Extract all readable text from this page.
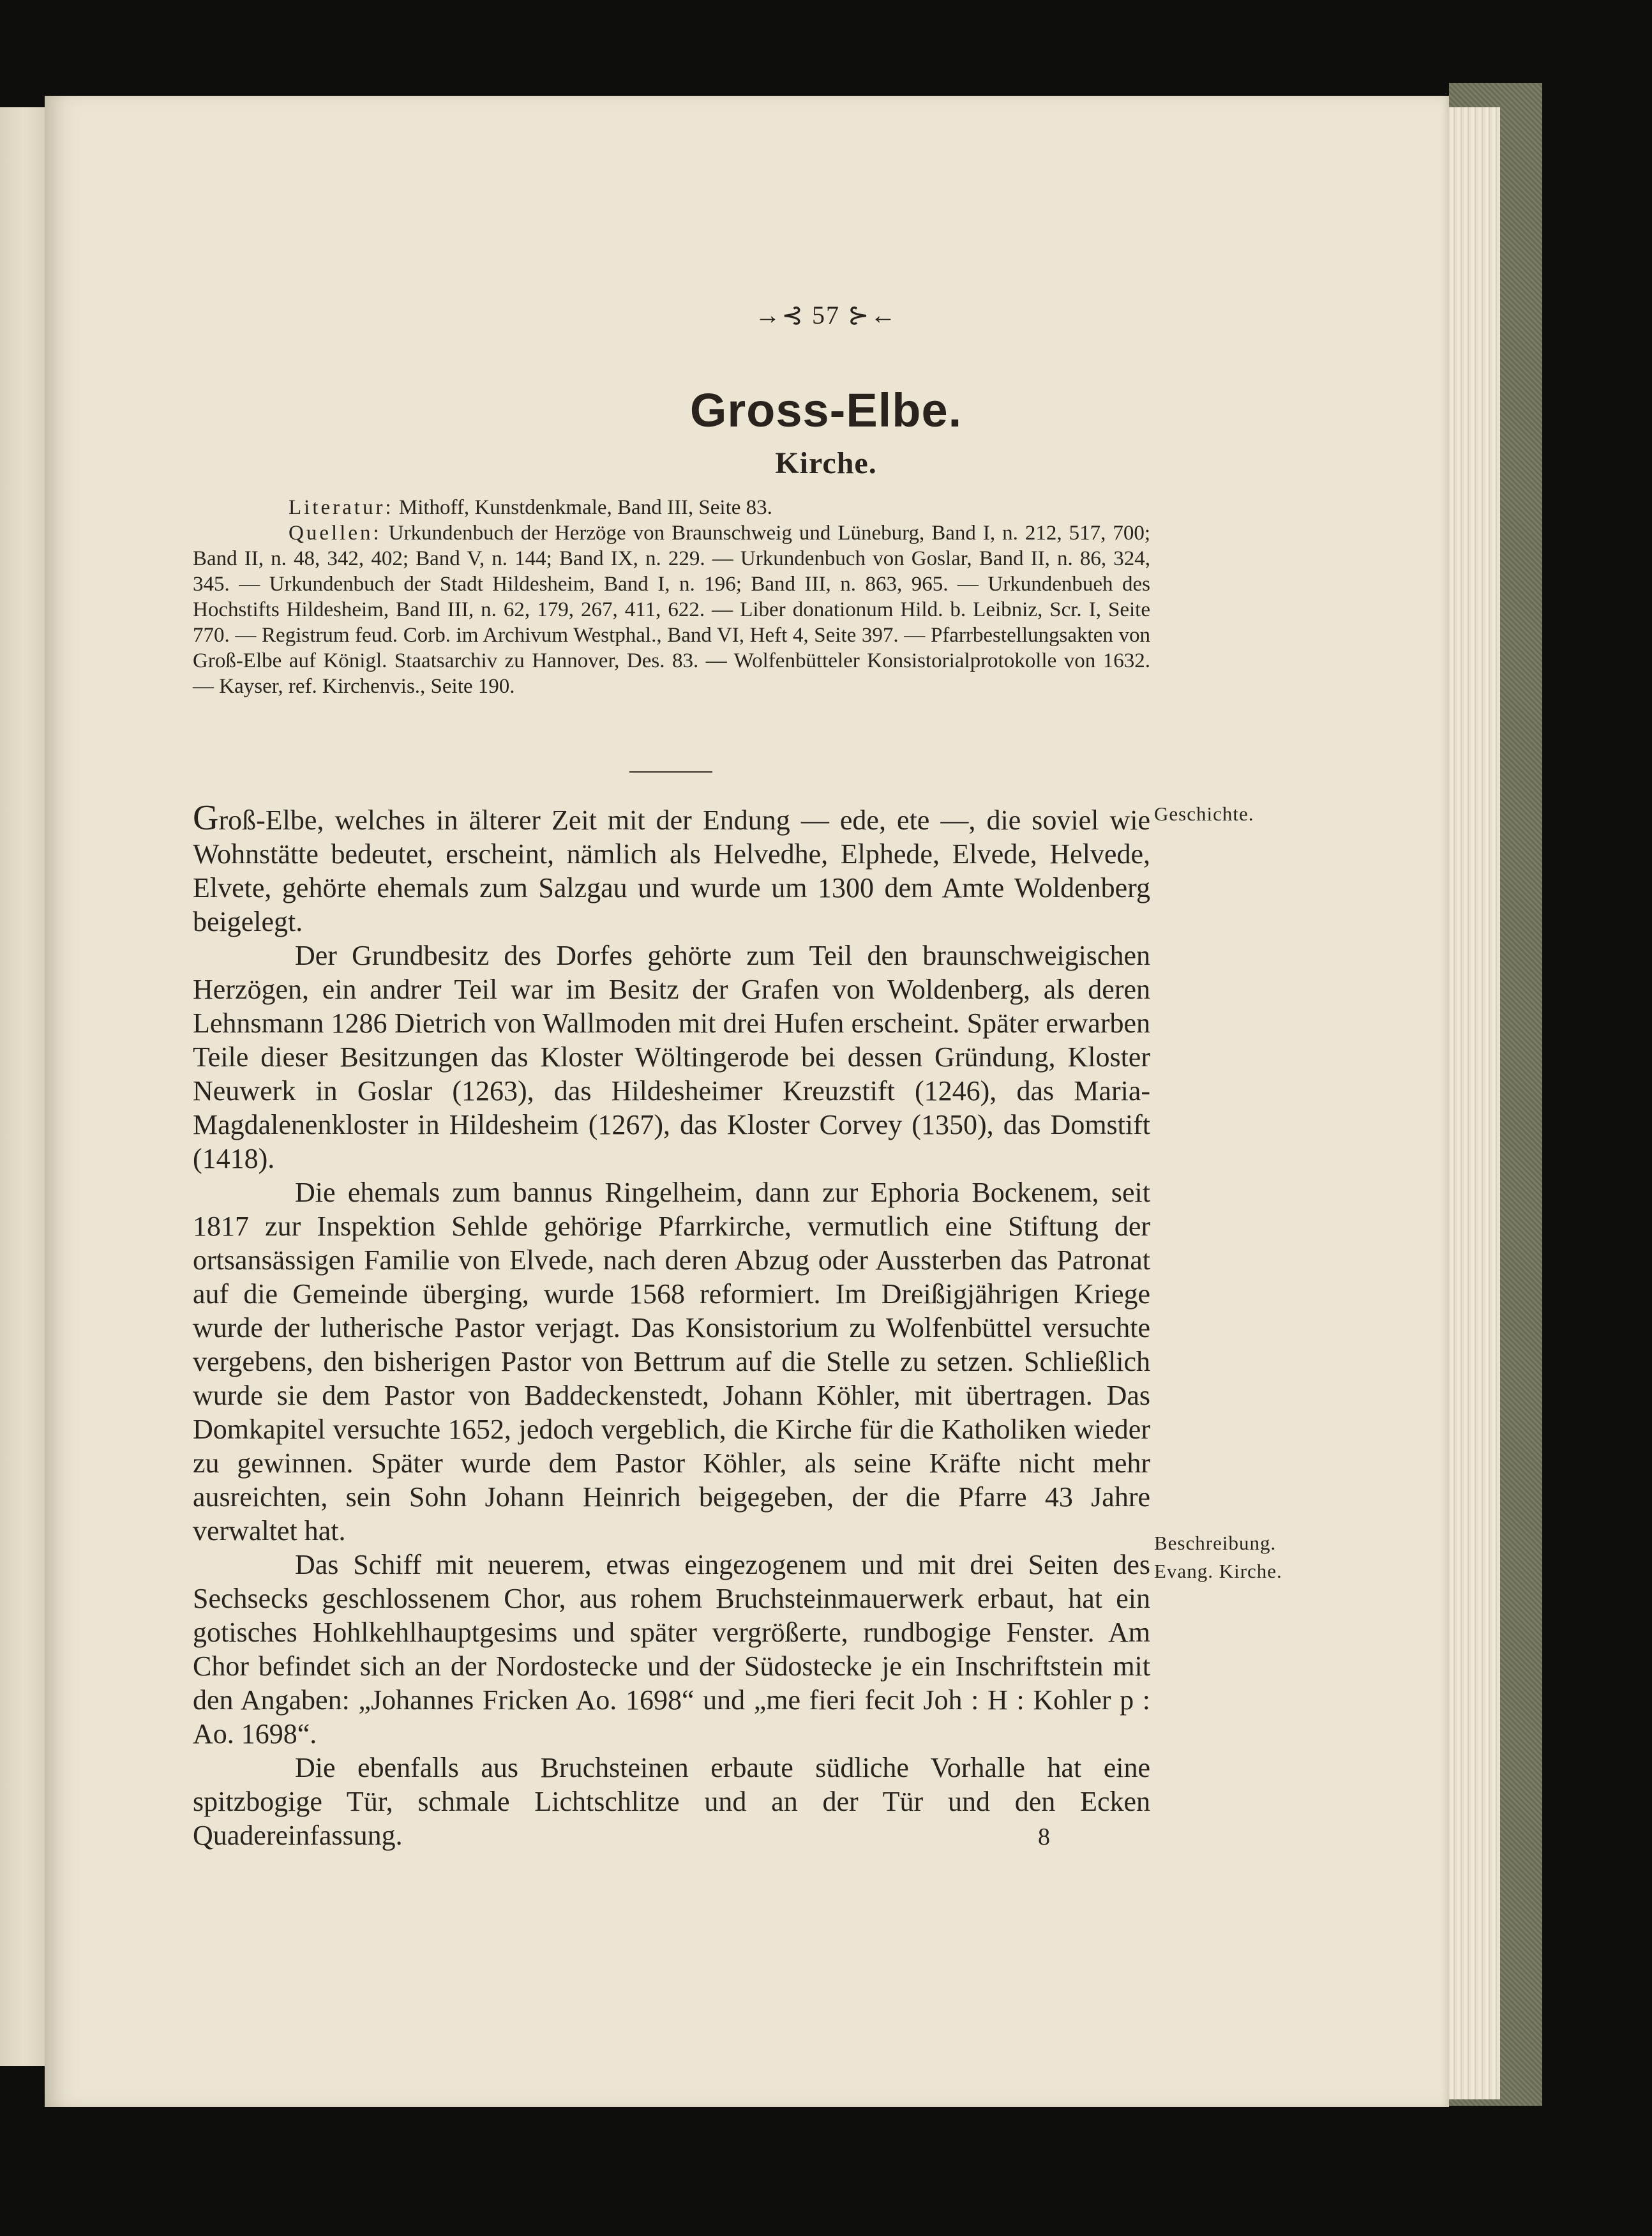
→⊰ 57 ⊱←
Gross-Elbe.
Kirche.

Literatur: Mithoff, Kunstdenkmale, Band III, Seite 83.

Quellen: Urkundenbuch der Herzöge von Braunschweig und Lüneburg, Band I, n. 212, 517, 700; Band II, n. 48, 342, 402; Band V, n. 144; Band IX, n. 229. — Urkundenbuch von Goslar, Band II, n. 86, 324, 345. — Urkundenbuch der Stadt Hildesheim, Band I, n. 196; Band III, n. 863, 965. — Urkundenbueh des Hochstifts Hildesheim, Band III, n. 62, 179, 267, 411, 622. — Liber donationum Hild. b. Leibniz, Scr. I, Seite 770. — Registrum feud. Corb. im Archivum Westphal., Band VI, Heft 4, Seite 397. — Pfarrbestellungsakten von Groß-Elbe auf Königl. Staatsarchiv zu Hannover, Des. 83. — Wolfenbütteler Konsistorialprotokolle von 1632. — Kayser, ref. Kirchenvis., Seite 190.

Groß-Elbe, welches in älterer Zeit mit der Endung — ede, ete —, die soviel wie Wohnstätte bedeutet, erscheint, nämlich als Helvedhe, Elphede, Elvede, Helvede, Elvete, gehörte ehemals zum Salzgau und wurde um 1300 dem Amte Woldenberg beigelegt.

Der Grundbesitz des Dorfes gehörte zum Teil den braunschweigischen Herzögen, ein andrer Teil war im Besitz der Grafen von Woldenberg, als deren Lehnsmann 1286 Dietrich von Wallmoden mit drei Hufen erscheint. Später erwarben Teile dieser Besitzungen das Kloster Wöltingerode bei dessen Gründung, Kloster Neuwerk in Goslar (1263), das Hildesheimer Kreuzstift (1246), das Maria-Magdalenenkloster in Hildesheim (1267), das Kloster Corvey (1350), das Domstift (1418).

Die ehemals zum bannus Ringelheim, dann zur Ephoria Bockenem, seit 1817 zur Inspektion Sehlde gehörige Pfarrkirche, vermutlich eine Stiftung der ortsansässigen Familie von Elvede, nach deren Abzug oder Aussterben das Patronat auf die Gemeinde überging, wurde 1568 reformiert. Im Dreißigjährigen Kriege wurde der lutherische Pastor verjagt. Das Konsistorium zu Wolfenbüttel versuchte vergebens, den bisherigen Pastor von Bettrum auf die Stelle zu setzen. Schließlich wurde sie dem Pastor von Baddeckenstedt, Johann Köhler, mit übertragen. Das Domkapitel versuchte 1652, jedoch vergeblich, die Kirche für die Katholiken wieder zu gewinnen. Später wurde dem Pastor Köhler, als seine Kräfte nicht mehr ausreichten, sein Sohn Johann Heinrich beigegeben, der die Pfarre 43 Jahre verwaltet hat.

Das Schiff mit neuerem, etwas eingezogenem und mit drei Seiten des Sechsecks geschlossenem Chor, aus rohem Bruchsteinmauerwerk erbaut, hat ein gotisches Hohlkehlhauptgesims und später vergrößerte, rundbogige Fenster. Am Chor befindet sich an der Nordostecke und der Südostecke je ein Inschriftstein mit den Angaben: „Johannes Fricken Ao. 1698“ und „me fieri fecit Joh : H : Kohler p : Ao. 1698“.

Die ebenfalls aus Bruchsteinen erbaute südliche Vorhalle hat eine spitzbogige Tür, schmale Lichtschlitze und an der Tür und den Ecken Quadereinfassung.

Geschichte.
Beschreibung.
Evang. Kirche.
8
